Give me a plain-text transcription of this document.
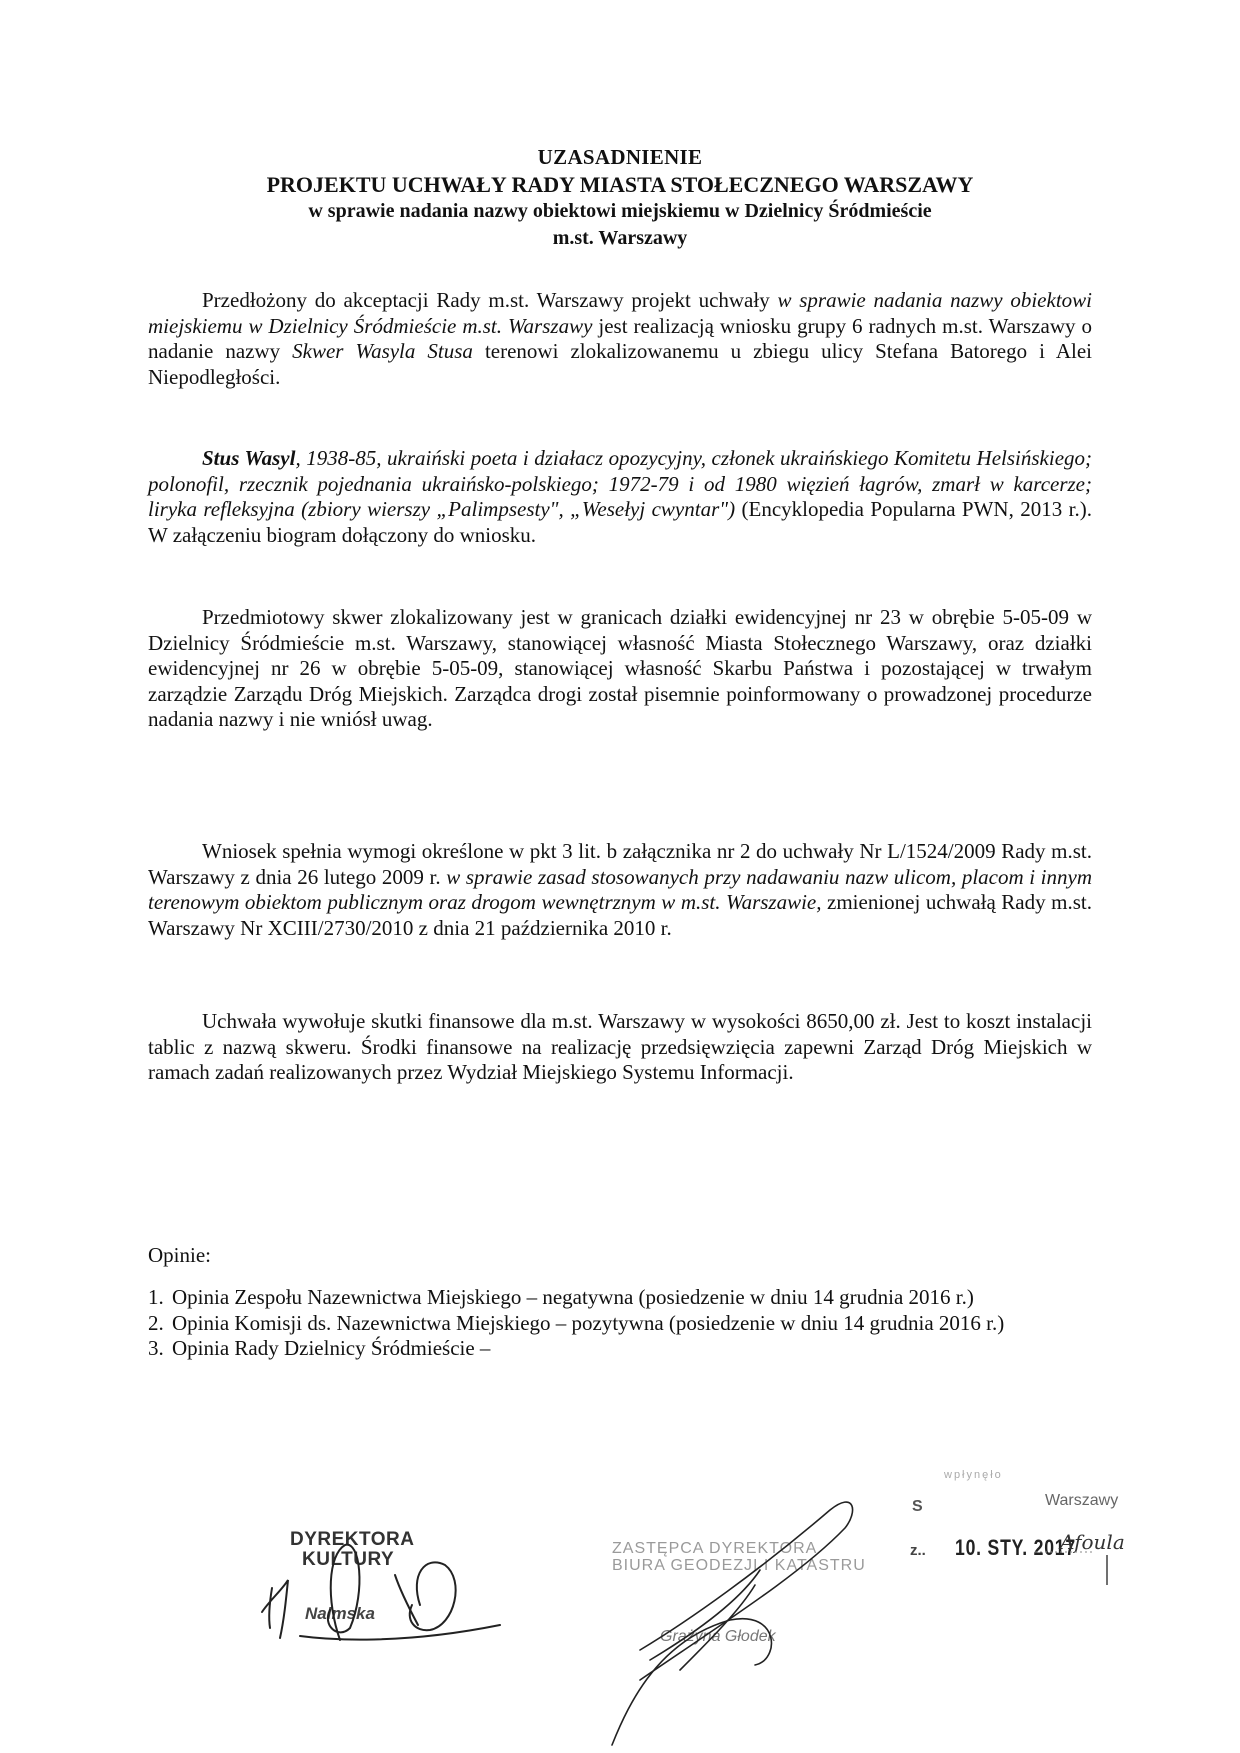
UZASADNIENIE
PROJEKTU UCHWAŁY RADY MIASTA STOŁECZNEGO WARSZAWY
w sprawie nadania nazwy obiektowi miejskiemu w Dzielnicy Śródmieście
m.st. Warszawy

Przedłożony do akceptacji Rady m.st. Warszawy projekt uchwały w sprawie nadania nazwy obiektowi miejskiemu w Dzielnicy Śródmieście m.st. Warszawy jest realizacją wniosku grupy 6 radnych m.st. Warszawy o nadanie nazwy Skwer Wasyla Stusa terenowi zlokalizowanemu u zbiegu ulicy Stefana Batorego i Alei Niepodległości.

Stus Wasyl, 1938-85, ukraiński poeta i działacz opozycyjny, członek ukraińskiego Komitetu Helsińskiego; polonofil, rzecznik pojednania ukraińsko-polskiego; 1972-79 i od 1980 więzień łagrów, zmarł w karcerze; liryka refleksyjna (zbiory wierszy „Palimpsesty", „Wesełyj cwyntar") (Encyklopedia Popularna PWN, 2013 r.). W załączeniu biogram dołączony do wniosku.

Przedmiotowy skwer zlokalizowany jest w granicach działki ewidencyjnej nr 23 w obrębie 5-05-09 w Dzielnicy Śródmieście m.st. Warszawy, stanowiącej własność Miasta Stołecznego Warszawy, oraz działki ewidencyjnej nr 26 w obrębie 5-05-09, stanowiącej własność Skarbu Państwa i pozostającej w trwałym zarządzie Zarządu Dróg Miejskich. Zarządca drogi został pisemnie poinformowany o prowadzonej procedurze nadania nazwy i nie wniósł uwag.

Wniosek spełnia wymogi określone w pkt 3 lit. b załącznika nr 2 do uchwały Nr L/1524/2009 Rady m.st. Warszawy z dnia 26 lutego 2009 r. w sprawie zasad stosowanych przy nadawaniu nazw ulicom, placom i innym terenowym obiektom publicznym oraz drogom wewnętrznym w m.st. Warszawie, zmienionej uchwałą Rady m.st. Warszawy Nr XCIII/2730/2010 z dnia 21 października 2010 r.

Uchwała wywołuje skutki finansowe dla m.st. Warszawy w wysokości 8650,00 zł. Jest to koszt instalacji tablic z nazwą skweru. Środki finansowe na realizację przedsięwzięcia zapewni Zarząd Dróg Miejskich w ramach zadań realizowanych przez Wydział Miejskiego Systemu Informacji.

Opinie:
1. Opinia Zespołu Nazewnictwa Miejskiego – negatywna (posiedzenie w dniu 14 grudnia 2016 r.)
2. Opinia Komisji ds. Nazewnictwa Miejskiego – pozytywna (posiedzenie w dniu 14 grudnia 2016 r.)
3. Opinia Rady Dzielnicy Śródmieście –
DYREKTORA
KULTURY
Nalmska
ZASTĘPCA DYREKTORA
BIURA GEODEZJI I KATASTRU
Grażyna Głodek
wpłynęło
Warszawy
S
z.. 10. STY. 2017
Afoula
